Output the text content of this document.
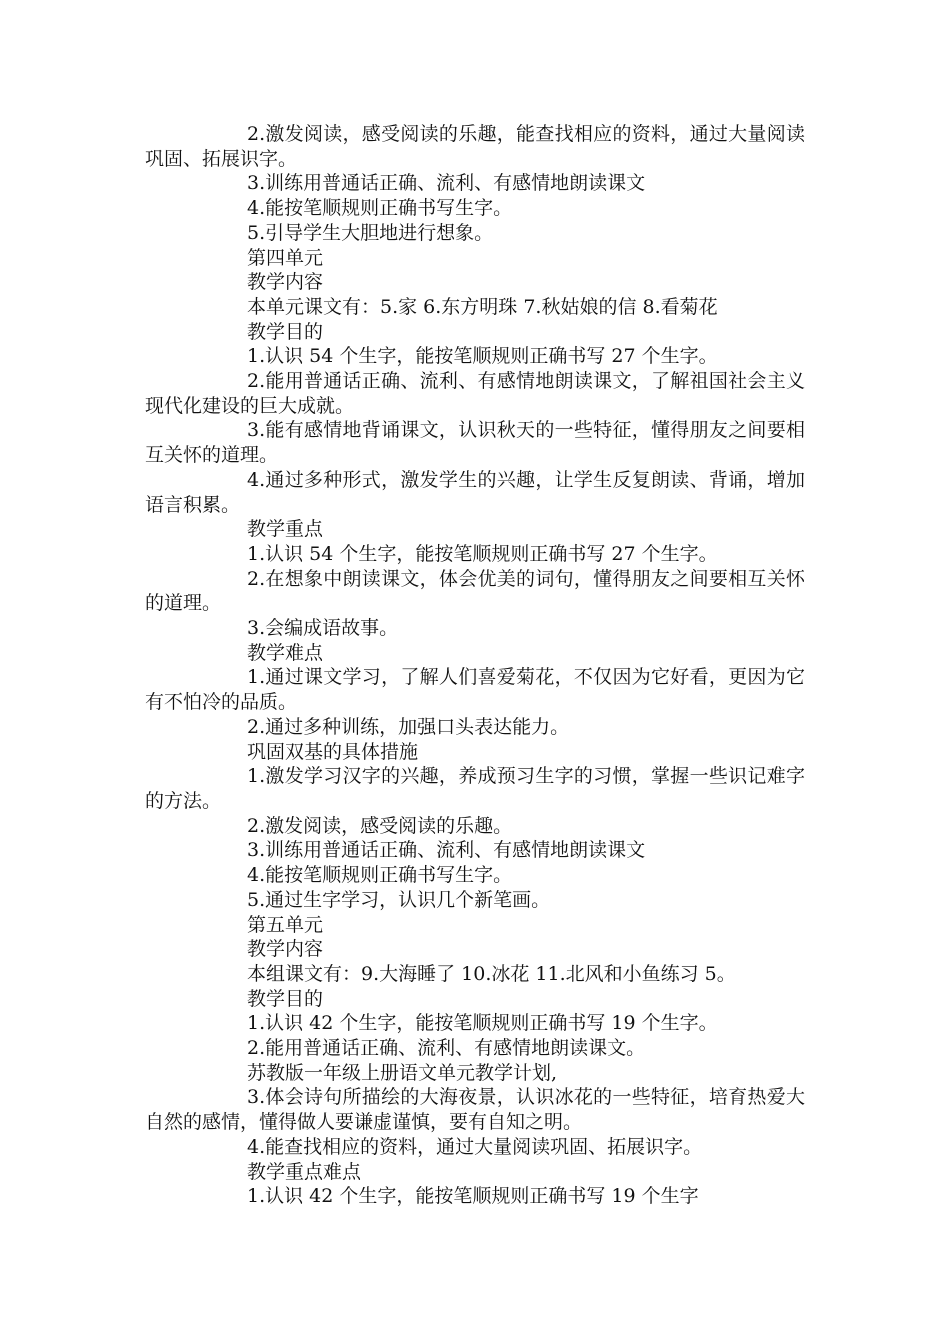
2.激发阅读，感受阅读的乐趣，能查找相应的资料，通过大量阅读巩固、拓展识字。

3.训练用普通话正确、流利、有感情地朗读课文

4.能按笔顺规则正确书写生字。

5.引导学生大胆地进行想象。

第四单元

教学内容

本单元课文有：5.家 6.东方明珠 7.秋姑娘的信 8.看菊花

教学目的

1.认识 54 个生字，能按笔顺规则正确书写 27 个生字。

2.能用普通话正确、流利、有感情地朗读课文，了解祖国社会主义现代化建设的巨大成就。

3.能有感情地背诵课文，认识秋天的一些特征，懂得朋友之间要相互关怀的道理。

4.通过多种形式，激发学生的兴趣，让学生反复朗读、背诵，增加语言积累。

教学重点

1.认识 54 个生字，能按笔顺规则正确书写 27 个生字。

2.在想象中朗读课文，体会优美的词句，懂得朋友之间要相互关怀的道理。

3.会编成语故事。

教学难点

1.通过课文学习，了解人们喜爱菊花，不仅因为它好看，更因为它有不怕冷的品质。

2.通过多种训练，加强口头表达能力。

巩固双基的具体措施

1.激发学习汉字的兴趣，养成预习生字的习惯，掌握一些识记难字的方法。

2.激发阅读，感受阅读的乐趣。

3.训练用普通话正确、流利、有感情地朗读课文

4.能按笔顺规则正确书写生字。

5.通过生字学习，认识几个新笔画。

第五单元

教学内容

本组课文有：9.大海睡了 10.冰花 11.北风和小鱼练习 5。

教学目的

1.认识 42 个生字，能按笔顺规则正确书写 19 个生字。

2.能用普通话正确、流利、有感情地朗读课文。

苏教版一年级上册语文单元教学计划,

3.体会诗句所描绘的大海夜景，认识冰花的一些特征，培育热爱大自然的感情，懂得做人要谦虚谨慎，要有自知之明。

4.能查找相应的资料，通过大量阅读巩固、拓展识字。

教学重点难点

1.认识 42 个生字，能按笔顺规则正确书写 19 个生字
